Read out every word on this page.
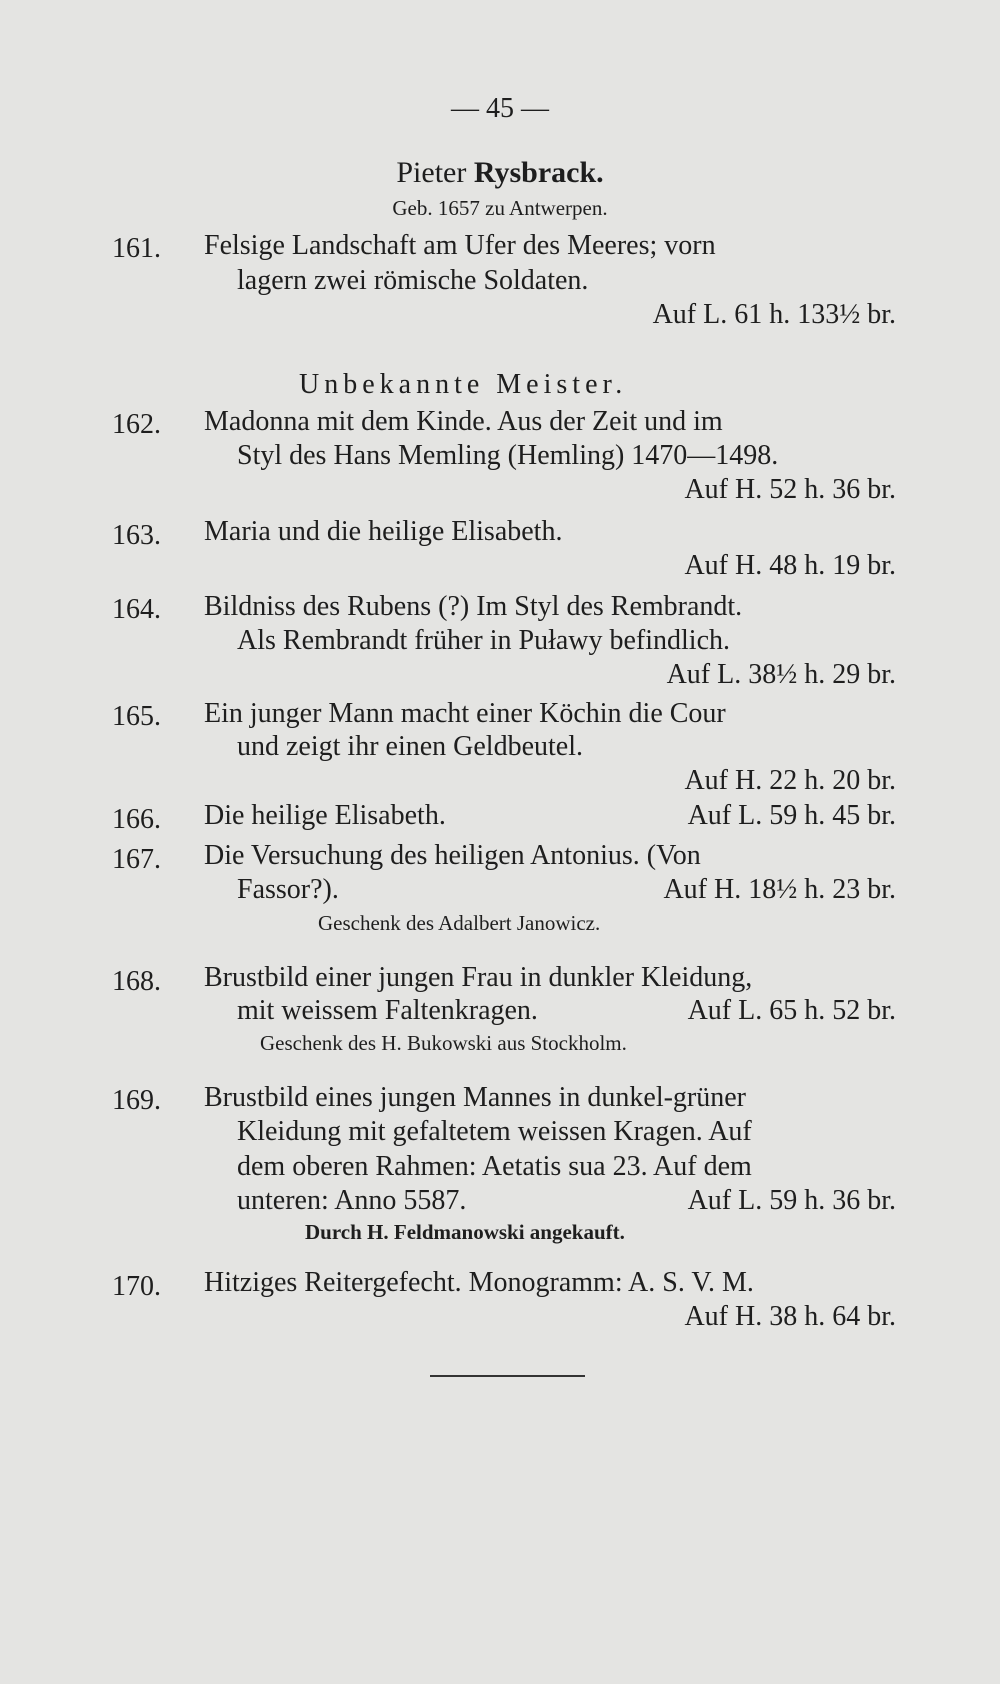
— 45 —
Pieter Rysbrack.
Geb. 1657 zu Antwerpen.
161. Felsige Landschaft am Ufer des Meeres; vorn
lagern zwei römische Soldaten.
Auf L. 61 h. 133½ br.
Unbekannte Meister.
162. Madonna mit dem Kinde. Aus der Zeit und im
Styl des Hans Memling (Hemling) 1470—1498.
Auf H. 52 h. 36 br.
163. Maria und die heilige Elisabeth.
Auf H. 48 h. 19 br.
164. Bildniss des Rubens (?) Im Styl des Rembrandt.
Als Rembrandt früher in Puławy befindlich.
Auf L. 38½ h. 29 br.
165. Ein junger Mann macht einer Köchin die Cour
und zeigt ihr einen Geldbeutel.
Auf H. 22 h. 20 br.
166. Die heilige Elisabeth.	Auf L. 59 h. 45 br.
167. Die Versuchung des heiligen Antonius. (Von
Fassor?).	Auf H. 18½ h. 23 br.
Geschenk des Adalbert Janowicz.
168. Brustbild einer jungen Frau in dunkler Kleidung,
mit weissem Faltenkragen.	Auf L. 65 h. 52 br.
Geschenk des H. Bukowski aus Stockholm.
169. Brustbild eines jungen Mannes in dunkel-grüner
Kleidung mit gefaltetem weissen Kragen. Auf
dem oberen Rahmen: Aetatis sua 23. Auf dem
unteren: Anno 5587.	Auf L. 59 h. 36 br.
Durch H. Feldmanowski angekauft.
170. Hitziges Reitergefecht. Monogramm: A. S. V. M.
Auf H. 38 h. 64 br.
